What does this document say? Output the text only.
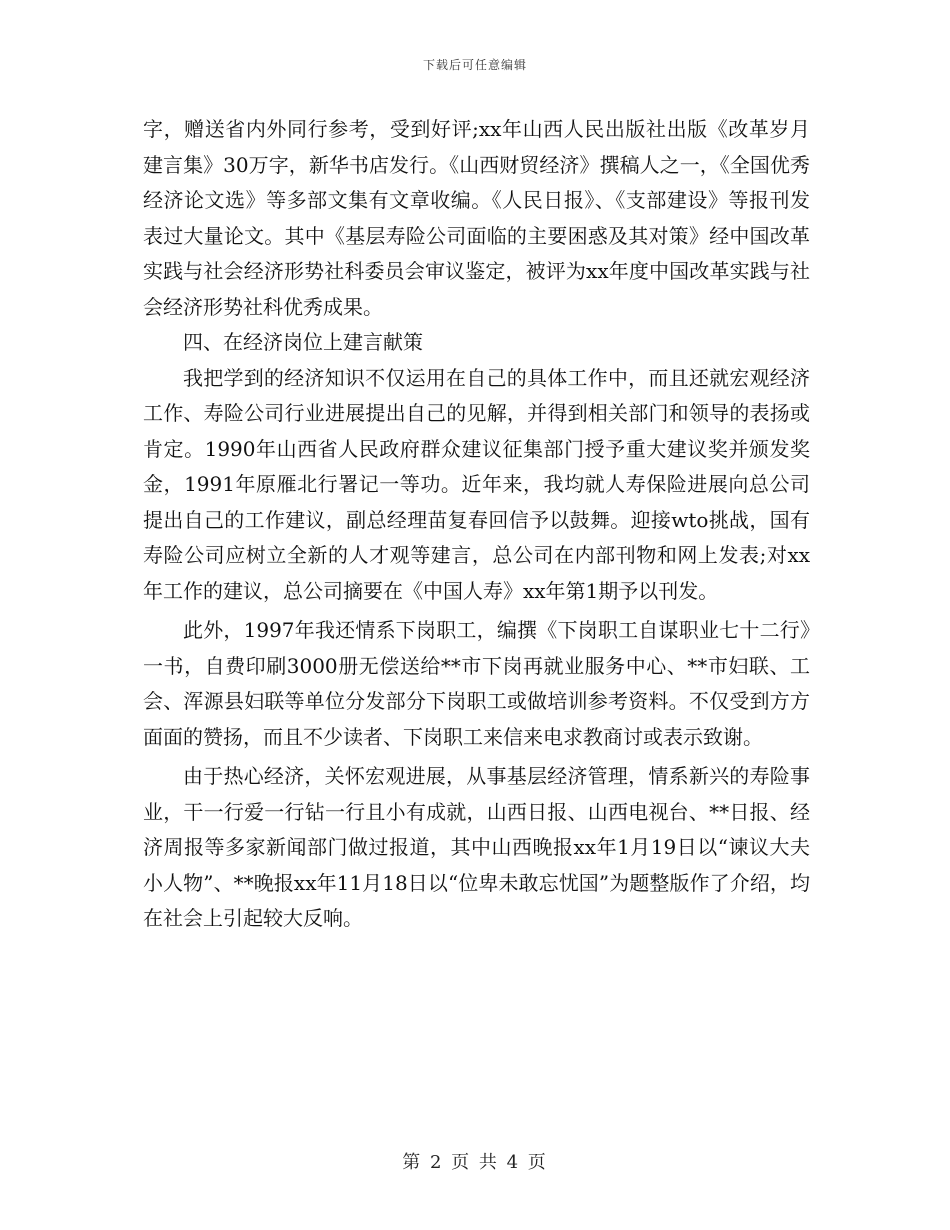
下载后可任意编辑

字，赠送省内外同行参考，受到好评;xx年山西人民出版社出版《改革岁月建言集》30万字，新华书店发行。《山西财贸经济》撰稿人之一，《全国优秀经济论文选》等多部文集有文章收编。《人民日报》、《支部建设》等报刊发表过大量论文。其中《基层寿险公司面临的主要困惑及其对策》经中国改革实践与社会经济形势社科委员会审议鉴定，被评为xx年度中国改革实践与社会经济形势社科优秀成果。

四、在经济岗位上建言献策

我把学到的经济知识不仅运用在自己的具体工作中，而且还就宏观经济工作、寿险公司行业进展提出自己的见解，并得到相关部门和领导的表扬或肯定。1990年山西省人民政府群众建议征集部门授予重大建议奖并颁发奖金，1991年原雁北行署记一等功。近年来，我均就人寿保险进展向总公司提出自己的工作建议，副总经理苗复春回信予以鼓舞。迎接wto挑战，国有寿险公司应树立全新的人才观等建言，总公司在内部刊物和网上发表;对xx年工作的建议，总公司摘要在《中国人寿》xx年第1期予以刊发。

此外，1997年我还情系下岗职工，编撰《下岗职工自谋职业七十二行》一书，自费印刷3000册无偿送给**市下岗再就业服务中心、**市妇联、工会、浑源县妇联等单位分发部分下岗职工或做培训参考资料。不仅受到方方面面的赞扬，而且不少读者、下岗职工来信来电求教商讨或表示致谢。

由于热心经济，关怀宏观进展，从事基层经济管理，情系新兴的寿险事业，干一行爱一行钻一行且小有成就，山西日报、山西电视台、**日报、经济周报等多家新闻部门做过报道，其中山西晚报xx年1月19日以“谏议大夫小人物”、**晚报xx年11月18日以“位卑未敢忘忧国”为题整版作了介绍，均在社会上引起较大反响。

第 2 页 共 4 页
